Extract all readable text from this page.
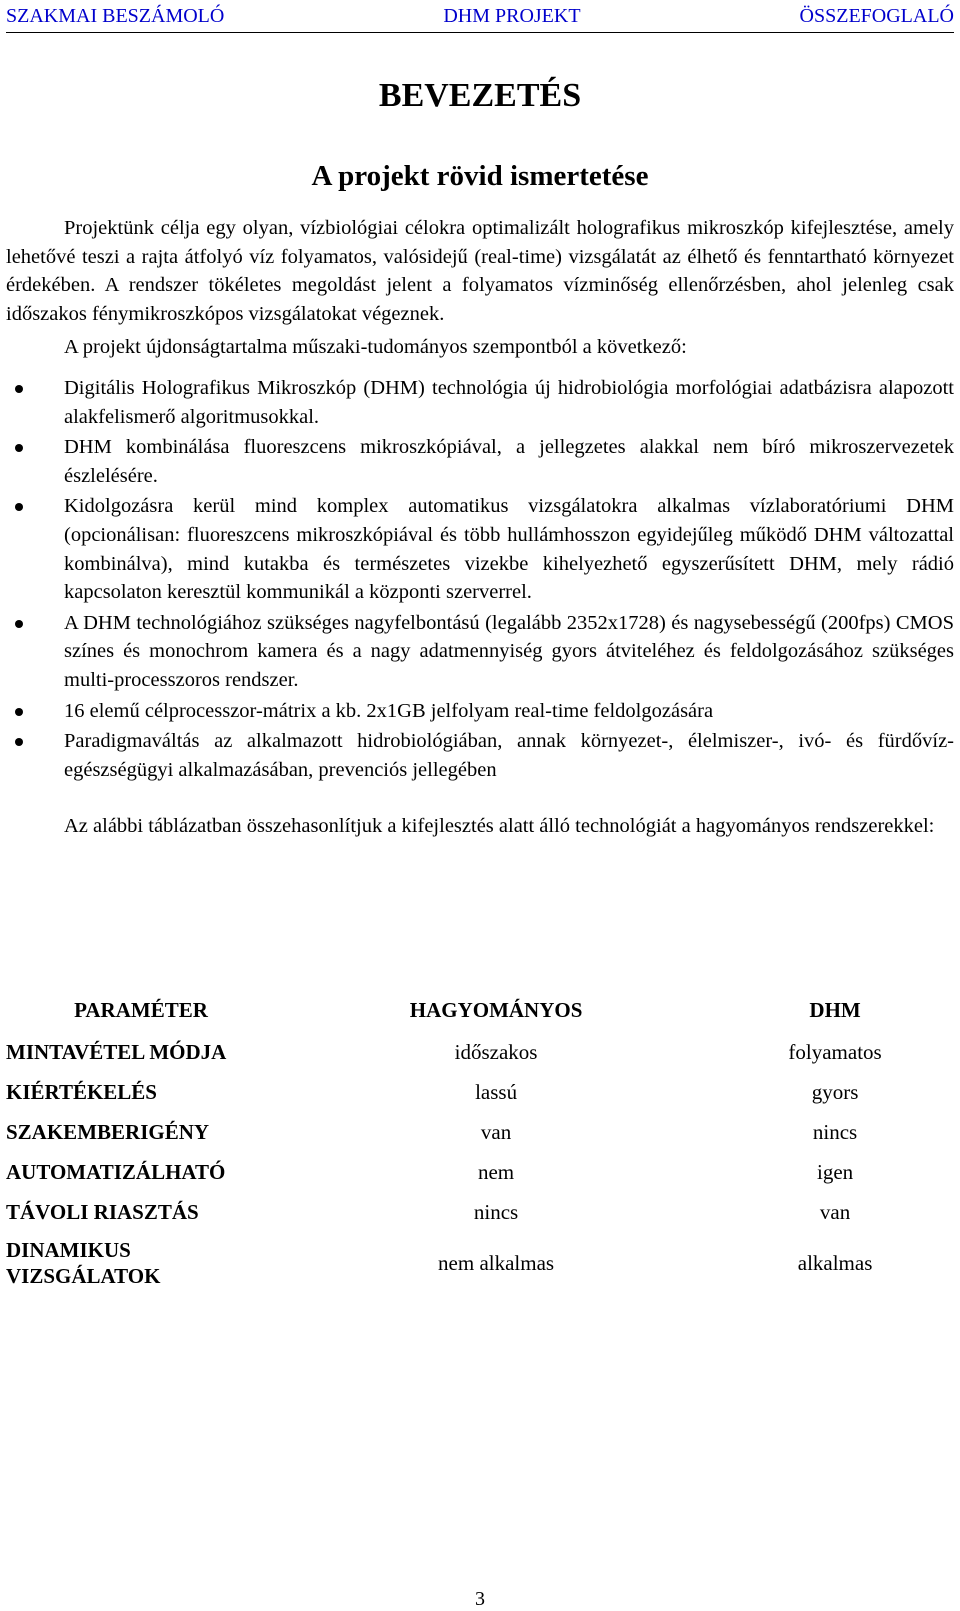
SZAKMAI BESZÁMOLÓ	DHM PROJEKT	ÖSSZEFOGLALÓ
BEVEZETÉS
A projekt rövid ismertetése

Projektünk célja egy olyan, vízbiológiai célokra optimalizált holografikus mikroszkóp kifejlesztése, amely lehetővé teszi a rajta átfolyó víz folyamatos, valósidejű (real-time) vizsgálatát az élhető és fenntartható környezet érdekében. A rendszer tökéletes megoldást jelent a folyamatos vízminőség ellenőrzésben, ahol jelenleg csak időszakos fénymikroszkópos vizsgálatokat végeznek.

A projekt újdonságtartalma műszaki-tudományos szempontból a következő:

Digitális Holografikus Mikroszkóp (DHM) technológia új hidrobiológia morfológiai adatbázisra alapozott alakfelismerő algoritmusokkal.
DHM kombinálása fluoreszcens mikroszkópiával, a jellegzetes alakkal nem bíró mikroszervezetek észlelésére.
Kidolgozásra kerül mind komplex automatikus vizsgálatokra alkalmas vízlaboratóriumi DHM (opcionálisan: fluoreszcens mikroszkópiával és több hullámhosszon egyidejűleg működő DHM változattal kombinálva), mind kutakba és természetes vizekbe kihelyezhető egyszerűsített DHM, mely rádió kapcsolaton keresztül kommunikál a központi szerverrel.
A DHM technológiához szükséges nagyfelbontású (legalább 2352x1728) és nagysebességű (200fps) CMOS színes és monochrom kamera és a nagy adatmennyiség gyors átviteléhez és feldolgozásához szükséges multi-processzoros rendszer.
16 elemű célprocesszor-mátrix a kb. 2x1GB jelfolyam real-time feldolgozására
Paradigmaváltás az alkalmazott hidrobiológiában, annak környezet-, élelmiszer-, ivó- és fürdővíz-egészségügyi alkalmazásában, prevenciós jellegében

Az alábbi táblázatban összehasonlítjuk a kifejlesztés alatt álló technológiát a hagyományos rendszerekkel:

PARAMÉTER	HAGYOMÁNYOS	DHM
MINTAVÉTEL MÓDJA	időszakos	folyamatos
KIÉRTÉKELÉS	lassú	gyors
SZAKEMBERIGÉNY	van	nincs
AUTOMATIZÁLHATÓ	nem	igen
TÁVOLI RIASZTÁS	nincs	van
DINAMIKUS VIZSGÁLATOK	nem alkalmas	alkalmas
3
